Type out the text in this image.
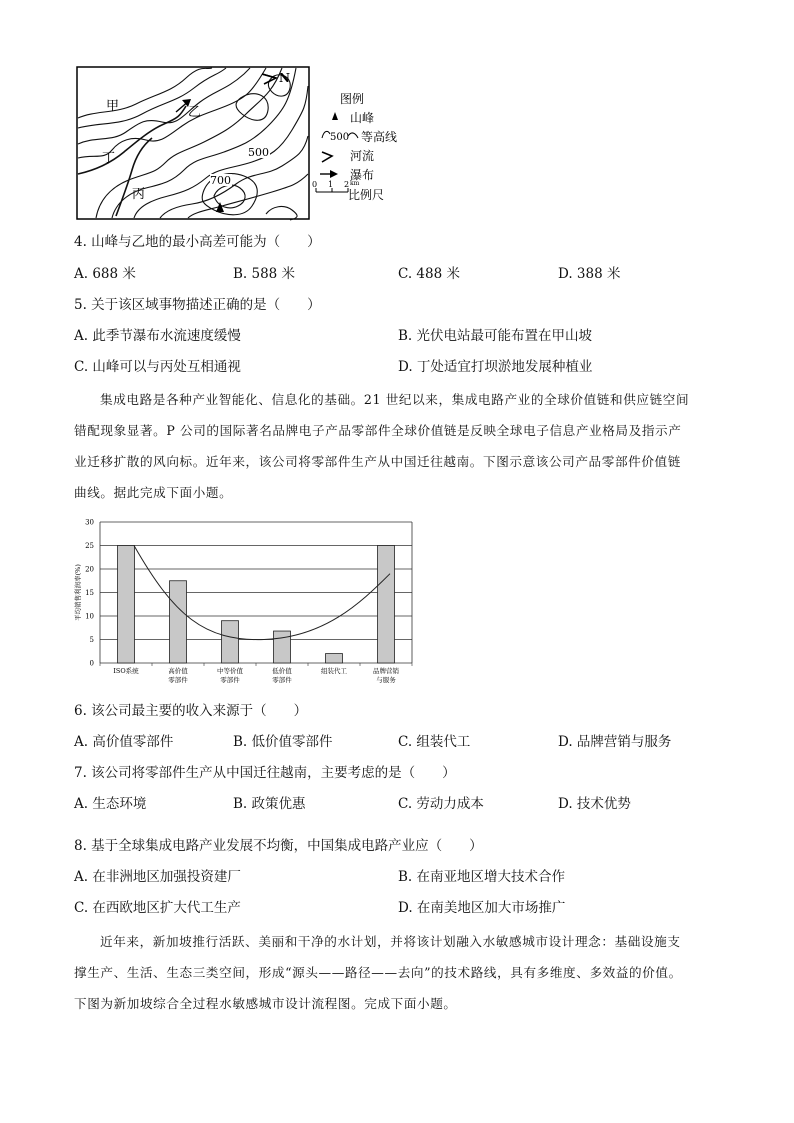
N
甲	乙
丁
丙
500
700
图例
山峰
500 等高线
河流
瀑布
0 1 2 km
比例尺
4. 山峰与乙地的最小高差可能为（　　）
A. 688 米	B. 588 米	C. 488 米	D. 388 米
5. 关于该区域事物描述正确的是（　　）
A. 此季节瀑布水流速度缓慢	B. 光伏电站最可能布置在甲山坡
C. 山峰可以与丙处互相通视	D. 丁处适宜打坝淤地发展种植业
集成电路是各种产业智能化、信息化的基础。21 世纪以来，集成电路产业的全球价值链和供应链空间
错配现象显著。P 公司的国际著名品牌电子产品零部件全球价值链是反映全球电子信息产业格局及指示产
业迁移扩散的风向标。近年来，该公司将零部件生产从中国迁往越南。下图示意该公司产品零部件价值链
曲线。据此完成下面小题。
0
5
10
15
20
25
30
平均销售利润率(%)
ISO系统	高价值
零部件
中等价值
零部件
低价值
零部件
组装代工	品牌营销
与服务
6. 该公司最主要的收入来源于（　　）
A. 高价值零部件	B. 低价值零部件	C. 组装代工	D. 品牌营销与服务
7. 该公司将零部件生产从中国迁往越南，主要考虑的是（　　）
A. 生态环境	B. 政策优惠	C. 劳动力成本	D. 技术优势
8. 基于全球集成电路产业发展不均衡，中国集成电路产业应（　　）
A. 在非洲地区加强投资建厂	B. 在南亚地区增大技术合作
C. 在西欧地区扩大代工生产	D. 在南美地区加大市场推广
近年来，新加坡推行活跃、美丽和干净的水计划，并将该计划融入水敏感城市设计理念：基础设施支
撑生产、生活、生态三类空间，形成“源头——路径——去向”的技术路线，具有多维度、多效益的价值。
下图为新加坡综合全过程水敏感城市设计流程图。完成下面小题。
